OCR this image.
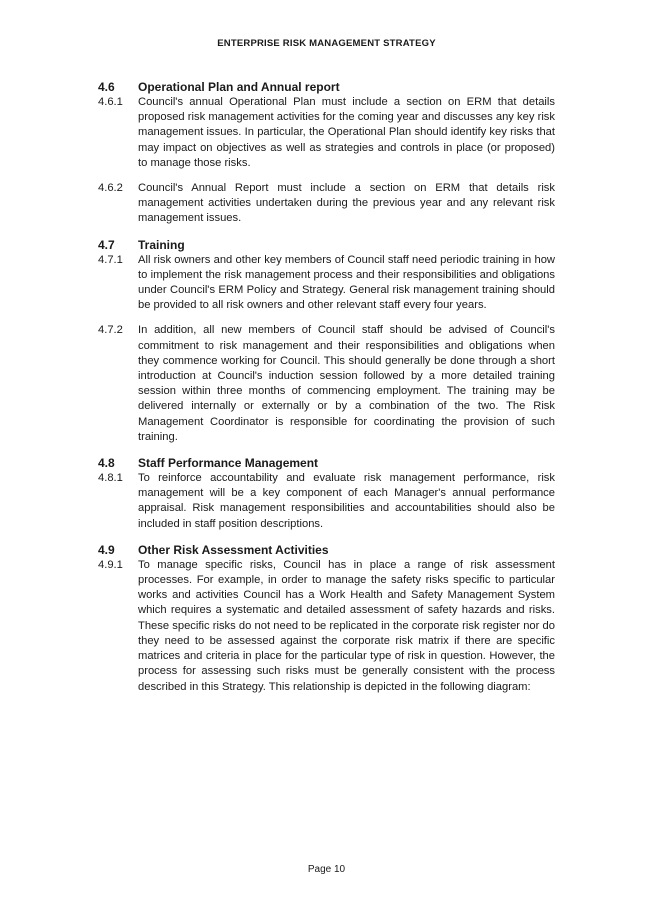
ENTERPRISE RISK MANAGEMENT STRATEGY
4.6	Operational Plan and Annual report
4.6.1	Council's annual Operational Plan must include a section on ERM that details proposed risk management activities for the coming year and discusses any key risk management issues. In particular, the Operational Plan should identify key risks that may impact on objectives as well as strategies and controls in place (or proposed) to manage those risks.
4.6.2	Council's Annual Report must include a section on ERM that details risk management activities undertaken during the previous year and any relevant risk management issues.
4.7	Training
4.7.1	All risk owners and other key members of Council staff need periodic training in how to implement the risk management process and their responsibilities and obligations under Council's ERM Policy and Strategy. General risk management training should be provided to all risk owners and other relevant staff every four years.
4.7.2	In addition, all new members of Council staff should be advised of Council's commitment to risk management and their responsibilities and obligations when they commence working for Council. This should generally be done through a short introduction at Council's induction session followed by a more detailed training session within three months of commencing employment. The training may be delivered internally or externally or by a combination of the two. The Risk Management Coordinator is responsible for coordinating the provision of such training.
4.8	Staff Performance Management
4.8.1	To reinforce accountability and evaluate risk management performance, risk management will be a key component of each Manager's annual performance appraisal. Risk management responsibilities and accountabilities should also be included in staff position descriptions.
4.9	Other Risk Assessment Activities
4.9.1	To manage specific risks, Council has in place a range of risk assessment processes. For example, in order to manage the safety risks specific to particular works and activities Council has a Work Health and Safety Management System which requires a systematic and detailed assessment of safety hazards and risks. These specific risks do not need to be replicated in the corporate risk register nor do they need to be assessed against the corporate risk matrix if there are specific matrices and criteria in place for the particular type of risk in question. However, the process for assessing such risks must be generally consistent with the process described in this Strategy. This relationship is depicted in the following diagram:
Page 10
